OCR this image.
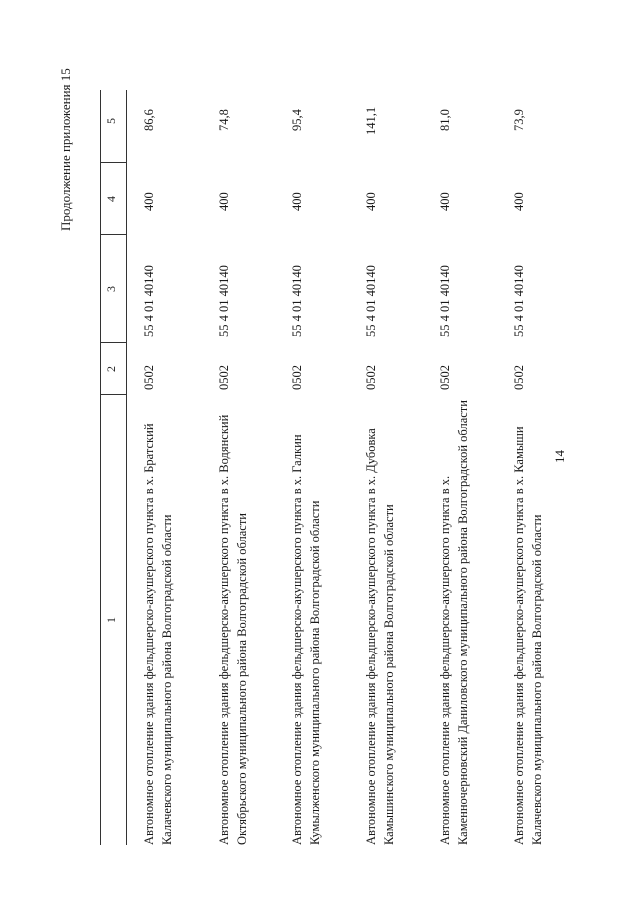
14
Продолжение приложения 15
1
2
3
4
5
Автономное отопление здания фельдшерско-акушерского пункта в х. Братский Калачевского муниципального района Волгоградской области
0502
55 4 01 40140
400
86,6
Автономное отопление здания фельдшерско-акушерского пункта в х. Водянский Октябрьского муниципального района Волгоградской области
0502
55 4 01 40140
400
74,8
Автономное отопление здания фельдшерско-акушерского пункта в х. Галкин Кумылженского муниципального района Волгоградской области
0502
55 4 01 40140
400
95,4
Автономное отопление здания фельдшерско-акушерского пункта в х. Дубовка Камышинского муниципального района Волгоградской области
0502
55 4 01 40140
400
141,1
Автономное отопление здания фельдшерско-акушерского пункта в х. Каменночерновский Даниловского муниципального района Волгоградской области
0502
55 4 01 40140
400
81,0
Автономное отопление здания фельдшерско-акушерского пункта в х. Камыши Калачевского муниципального района Волгоградской области
0502
55 4 01 40140
400
73,9
